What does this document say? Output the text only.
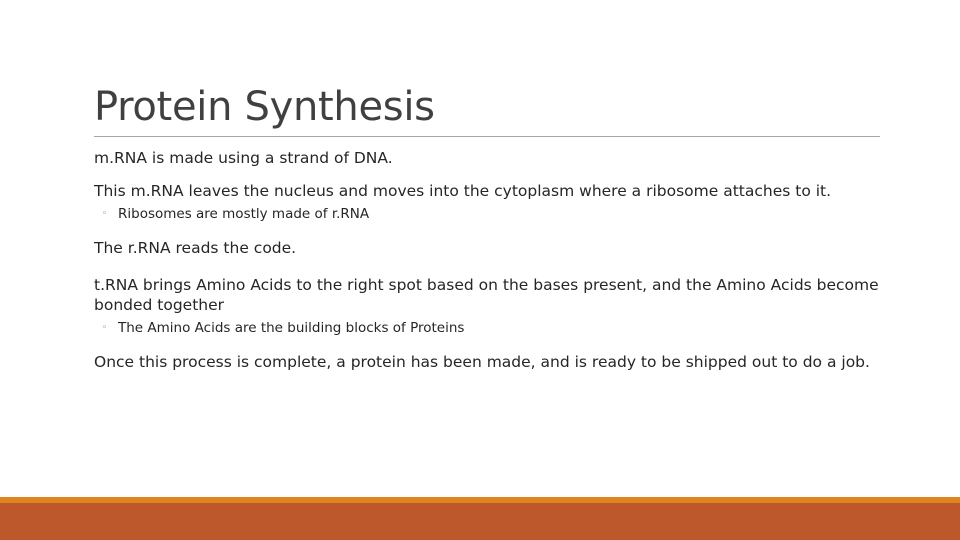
Protein Synthesis

m.RNA is made using a strand of DNA.

This m.RNA leaves the nucleus and moves into the cytoplasm where a ribosome attaches to it.

◦ Ribosomes are mostly made of r.RNA

The r.RNA reads the code.

t.RNA brings Amino Acids to the right spot based on the bases present, and the Amino Acids become bonded together

◦ The Amino Acids are the building blocks of Proteins

Once this process is complete, a protein has been made, and is ready to be shipped out to do a job.
